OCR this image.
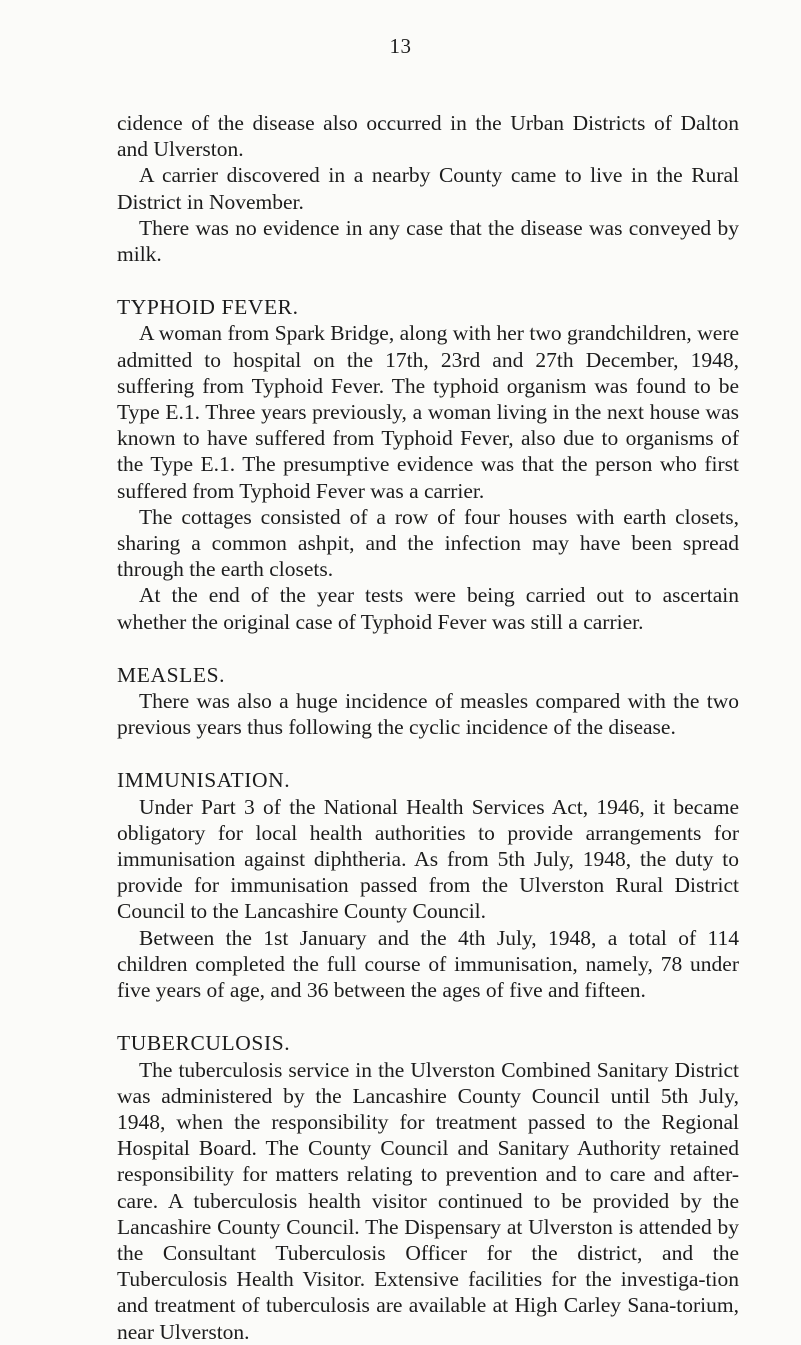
13

cidence of the disease also occurred in the Urban Districts of Dalton and Ulverston.

A carrier discovered in a nearby County came to live in the Rural District in November.

There was no evidence in any case that the disease was conveyed by milk.

TYPHOID FEVER.

A woman from Spark Bridge, along with her two grandchildren, were admitted to hospital on the 17th, 23rd and 27th December, 1948, suffering from Typhoid Fever. The typhoid organism was found to be Type E.1. Three years previously, a woman living in the next house was known to have suffered from Typhoid Fever, also due to organisms of the Type E.1. The presumptive evidence was that the person who first suffered from Typhoid Fever was a carrier.

The cottages consisted of a row of four houses with earth closets, sharing a common ashpit, and the infection may have been spread through the earth closets.

At the end of the year tests were being carried out to ascertain whether the original case of Typhoid Fever was still a carrier.

MEASLES.

There was also a huge incidence of measles compared with the two previous years thus following the cyclic incidence of the disease.

IMMUNISATION.

Under Part 3 of the National Health Services Act, 1946, it became obligatory for local health authorities to provide arrangements for immunisation against diphtheria. As from 5th July, 1948, the duty to provide for immunisation passed from the Ulverston Rural District Council to the Lancashire County Council.

Between the 1st January and the 4th July, 1948, a total of 114 children completed the full course of immunisation, namely, 78 under five years of age, and 36 between the ages of five and fifteen.

TUBERCULOSIS.

The tuberculosis service in the Ulverston Combined Sanitary District was administered by the Lancashire County Council until 5th July, 1948, when the responsibility for treatment passed to the Regional Hospital Board. The County Council and Sanitary Authority retained responsibility for matters relating to prevention and to care and after-care. A tuberculosis health visitor continued to be provided by the Lancashire County Council. The Dispensary at Ulverston is attended by the Consultant Tuberculosis Officer for the district, and the Tuberculosis Health Visitor. Extensive facilities for the investiga-tion and treatment of tuberculosis are available at High Carley Sana-torium, near Ulverston.
